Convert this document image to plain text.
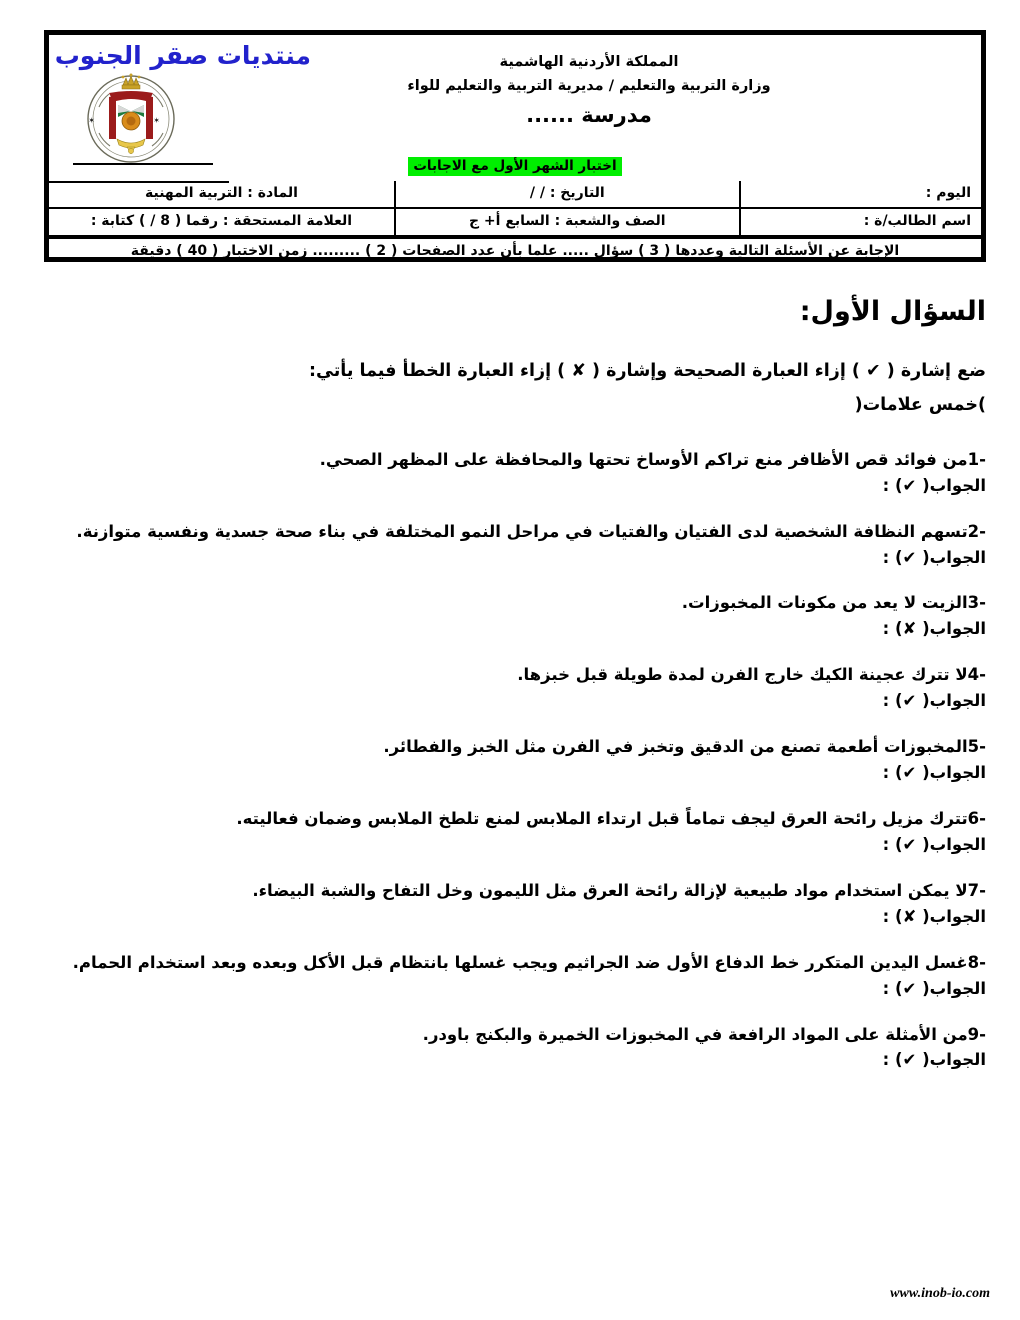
✶	✶
منتديات صقر الجنوب	المملكة الأردنية الهاشمية
وزارة التربية والتعليم / مديرية التربية والتعليم للواء
مدرسة ......
اختبار الشهر الأول مع الاجابات
اليوم :
التاريخ : / /
المادة : التربية المهنية
اسم الطالب/ة :
الصف والشعبة : السابع أ+ ج
العلامة المستحقة : رقما ( / 8 ) كتابة :
الإجابة عن الأسئلة التالية وعددها ( 3 ) سؤال ..... علما بأن عدد الصفحات ( 2 ) ......... زمن الاختبار ( 40 ) دقيقة
السؤال الأول:
ضع إشارة ( ✔ ) إزاء العبارة الصحيحة وإشارة ( ✘ ) إزاء العبارة الخطأ فيما يأتي:
)خمس علامات(
-1من فوائد قص الأظافر منع تراكم الأوساخ تحتها والمحافظة على المظهر الصحي.
الجواب( ✔) :
-2تسهم النظافة الشخصية لدى الفتيان والفتيات في مراحل النمو المختلفة في بناء صحة جسدية ونفسية متوازنة.
الجواب( ✔) :
-3الزيت لا يعد من مكونات المخبوزات.
الجواب( ✘) :
-4لا تترك عجينة الكيك خارج الفرن لمدة طويلة قبل خبزها.
الجواب( ✔) :
-5المخبوزات أطعمة تصنع من الدقيق وتخبز في الفرن مثل الخبز والفطائر.
الجواب( ✔) :
-6تترك مزيل رائحة العرق ليجف تماماً قبل ارتداء الملابس لمنع تلطخ الملابس وضمان فعاليته.
الجواب( ✔) :
-7لا يمكن استخدام مواد طبيعية لإزالة رائحة العرق مثل الليمون وخل التفاح والشبة البيضاء.
الجواب( ✘) :
-8غسل اليدين المتكرر خط الدفاع الأول ضد الجراثيم ويجب غسلها بانتظام قبل الأكل وبعده وبعد استخدام الحمام.
الجواب( ✔) :
-9من الأمثلة على المواد الرافعة في المخبوزات الخميرة والبكنج باودر.
الجواب( ✔) :
www.inob-io.com
